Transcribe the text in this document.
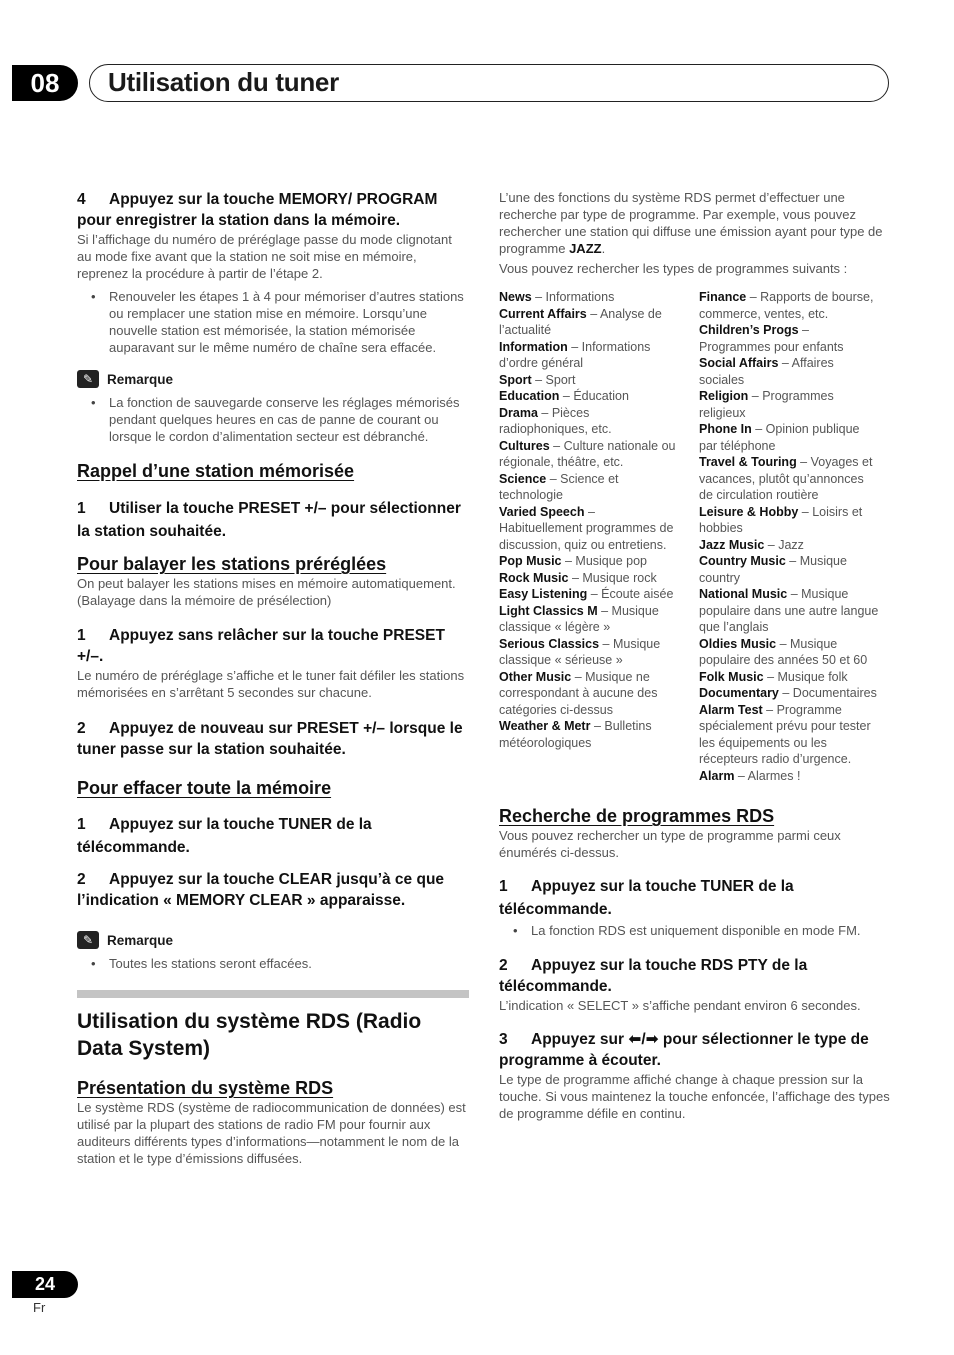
08	Utilisation du tuner

4 Appuyez sur la touche MEMORY/ PROGRAM pour enregistrer la station dans la mémoire.

Si l’affichage du numéro de préréglage passe du mode clignotant au mode fixe avant que la station ne soit mise en mémoire, reprenez la procédure à partir de l’étape 2.

• Renouveler les étapes 1 à 4 pour mémoriser d’autres stations ou remplacer une station mise en mémoire. Lorsqu’une nouvelle station est mémorisée, la station mémorisée auparavant sur le même numéro de chaîne sera effacée.

✎	Remarque

• La fonction de sauvegarde conserve les réglages mémorisés pendant quelques heures en cas de panne de courant ou lorsque le cordon d’alimentation secteur est débranché.
Rappel d’une station mémorisée

1 Utiliser la touche PRESET +/– pour sélectionner la station souhaitée.

Pour balayer les stations préréglées

On peut balayer les stations mises en mémoire automatiquement. (Balayage dans la mémoire de présélection)

1 Appuyez sans relâcher sur la touche PRESET +/–.

Le numéro de préréglage s’affiche et le tuner fait défiler les stations mémorisées en s’arrêtant 5 secondes sur chacune.

2 Appuyez de nouveau sur PRESET +/– lorsque le tuner passe sur la station souhaitée.

Pour effacer toute la mémoire

1 Appuyez sur la touche TUNER de la télécommande.

2 Appuyez sur la touche CLEAR jusqu’à ce que l’indication « MEMORY CLEAR » apparaisse.

✎	Remarque

• Toutes les stations seront effacées.
Utilisation du système RDS (Radio Data System)
Présentation du système RDS

Le système RDS (système de radiocommunication de données) est utilisé par la plupart des stations de radio FM pour fournir aux auditeurs différents types d’informations—notamment le nom de la station et le type d’émissions diffusées.

L’une des fonctions du système RDS permet d’effectuer une recherche par type de programme. Par exemple, vous pouvez rechercher une station qui diffuse une émission ayant pour type de programme JAZZ.

Vous pouvez rechercher les types de programmes suivants :

News – Informations

Current Affairs – Analyse de l’actualité

Information – Informations d’ordre général

Sport – Sport

Education – Éducation

Drama – Pièces radiophoniques, etc.

Cultures – Culture nationale ou régionale, théâtre, etc.

Science – Science et technologie

Varied Speech – Habituellement programmes de discussion, quiz ou entretiens.

Pop Music – Musique pop

Rock Music – Musique rock

Easy Listening – Écoute aisée

Light Classics M – Musique classique « légère »

Serious Classics – Musique classique « sérieuse »

Other Music – Musique ne correspondant à aucune des catégories ci-dessus

Weather & Metr – Bulletins météorologiques

Finance – Rapports de bourse, commerce, ventes, etc.

Children’s Progs – Programmes pour enfants

Social Affairs – Affaires sociales

Religion – Programmes religieux

Phone In – Opinion publique par téléphone

Travel & Touring – Voyages et vacances, plutôt qu’annonces de circulation routière

Leisure & Hobby – Loisirs et hobbies

Jazz Music – Jazz

Country Music – Musique country

National Music – Musique populaire dans une autre langue que l’anglais

Oldies Music – Musique populaire des années 50 et 60

Folk Music – Musique folk

Documentary – Documentaires

Alarm Test – Programme spécialement prévu pour tester les équipements ou les récepteurs radio d’urgence.

Alarm – Alarmes !

Recherche de programmes RDS

Vous pouvez rechercher un type de programme parmi ceux énumérés ci-dessus.

1 Appuyez sur la touche TUNER de la télécommande.

• La fonction RDS est uniquement disponible en mode FM.

2 Appuyez sur la touche RDS PTY de la télécommande.

L’indication « SELECT » s’affiche pendant environ 6 secondes.

3 Appuyez sur ⬅/➡ pour sélectionner le type de programme à écouter.

Le type de programme affiché change à chaque pression sur la touche. Si vous maintenez la touche enfoncée, l’affichage des types de programme défile en continu.

24
Fr
